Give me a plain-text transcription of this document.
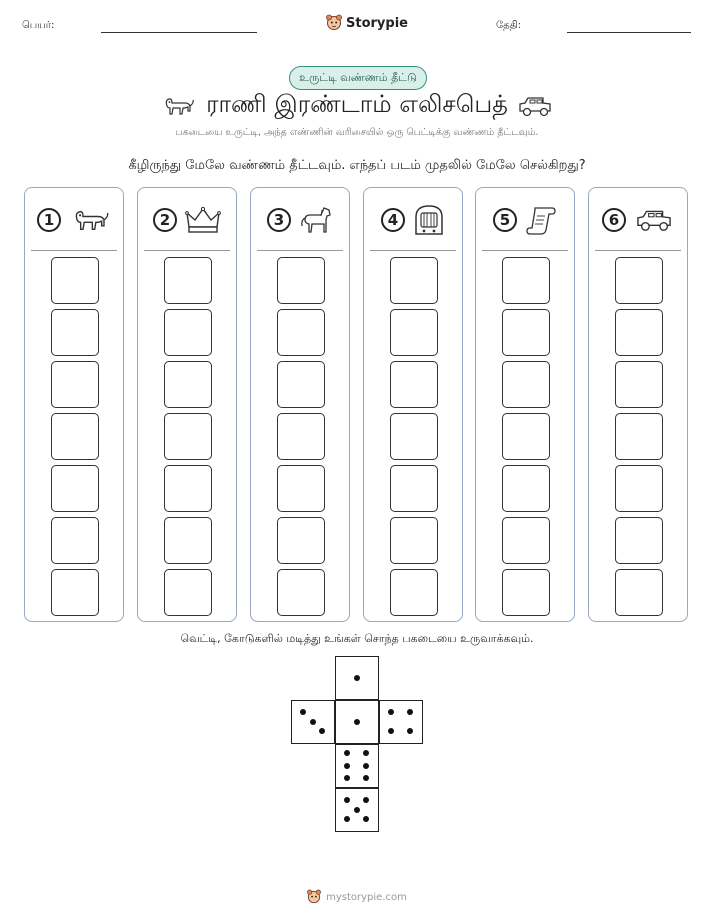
பெயர்:	Storypie	தேதி:
உருட்டி வண்ணம் தீட்டு
ராணி இரண்டாம் எலிசபெத்
பகடையை உருட்டி, அந்த எண்ணின் வரிசையில் ஒரு பெட்டிக்கு வண்ணம் தீட்டவும்.
கீழிருந்து மேலே வண்ணம் தீட்டவும். எந்தப் படம் முதலில் மேலே செல்கிறது?
1	2	3	4	5	6
வெட்டி, கோடுகளில் மடித்து உங்கள் சொந்த பகடையை உருவாக்கவும்.
mystorypie.com
